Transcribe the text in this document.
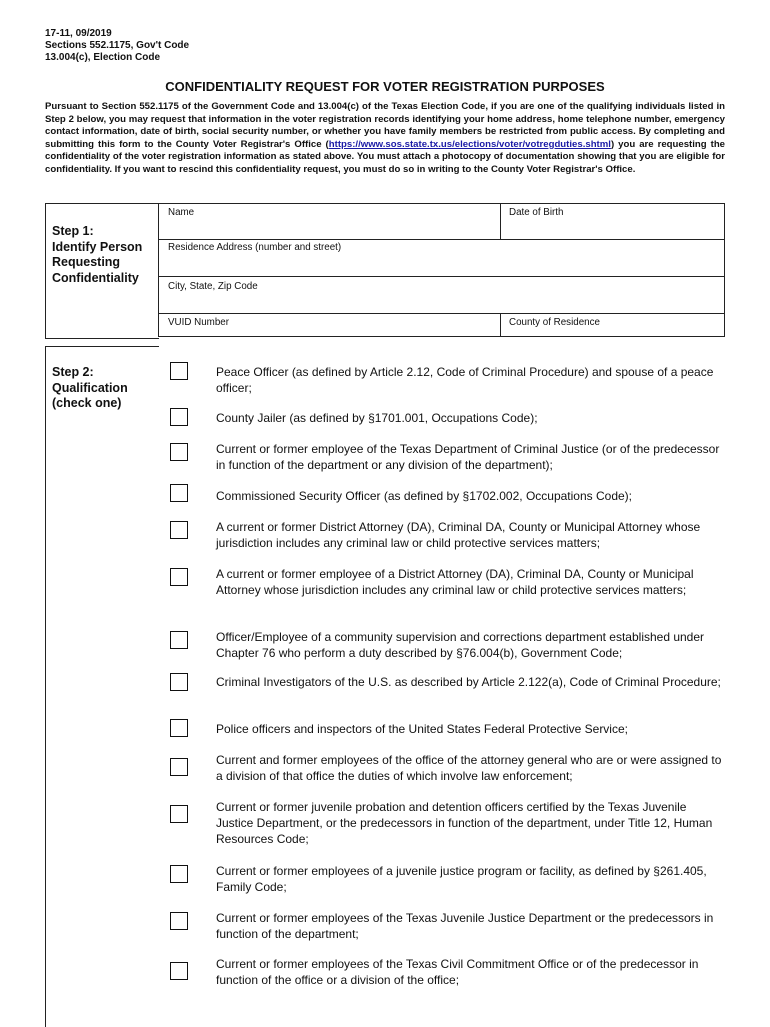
17-11, 09/2019
Sections 552.1175, Gov't Code
13.004(c), Election Code
CONFIDENTIALITY REQUEST FOR VOTER REGISTRATION PURPOSES
Pursuant to Section 552.1175 of the Government Code and 13.004(c) of the Texas Election Code, if you are one of the qualifying individuals listed in Step 2 below, you may request that information in the voter registration records identifying your home address, home telephone number, emergency contact information, date of birth, social security number, or whether you have family members be restricted from public access. By completing and submitting this form to the County Voter Registrar's Office (https://www.sos.state.tx.us/elections/voter/votregduties.shtml) you are requesting the confidentiality of the voter registration information as stated above. You must attach a photocopy of documentation showing that you are eligible for confidentiality. If you want to rescind this confidentiality request, you must do so in writing to the County Voter Registrar's Office.
Step 1:
Identify Person
Requesting
Confidentiality
Name	Date of Birth
Residence Address (number and street)
City, State, Zip Code
VUID Number	County of Residence
Step 2:
Qualification
(check one)
Peace Officer (as defined by Article 2.12, Code of Criminal Procedure) and spouse of a peace officer;
County Jailer (as defined by §1701.001, Occupations Code);
Current or former employee of the Texas Department of Criminal Justice (or of the predecessor in function of the department or any division of the department);
Commissioned Security Officer (as defined by §1702.002, Occupations Code);
A current or former District Attorney (DA), Criminal DA, County or Municipal Attorney whose jurisdiction includes any criminal law or child protective services matters;
A current or former employee of a District Attorney (DA), Criminal DA, County or Municipal Attorney whose jurisdiction includes any criminal law or child protective services matters;
Officer/Employee of a community supervision and corrections department established under Chapter 76 who perform a duty described by §76.004(b), Government Code;
Criminal Investigators of the U.S. as described by Article 2.122(a), Code of Criminal Procedure;
Police officers and inspectors of the United States Federal Protective Service;
Current and former employees of the office of the attorney general who are or were assigned to a division of that office the duties of which involve law enforcement;
Current or former juvenile probation and detention officers certified by the Texas Juvenile Justice Department, or the predecessors in function of the department, under Title 12, Human Resources Code;
Current or former employees of a juvenile justice program or facility, as defined by §261.405, Family Code;
Current or former employees of the Texas Juvenile Justice Department or the predecessors in function of the department;
Current or former employees of the Texas Civil Commitment Office or of the predecessor in function of the office or a division of the office;
